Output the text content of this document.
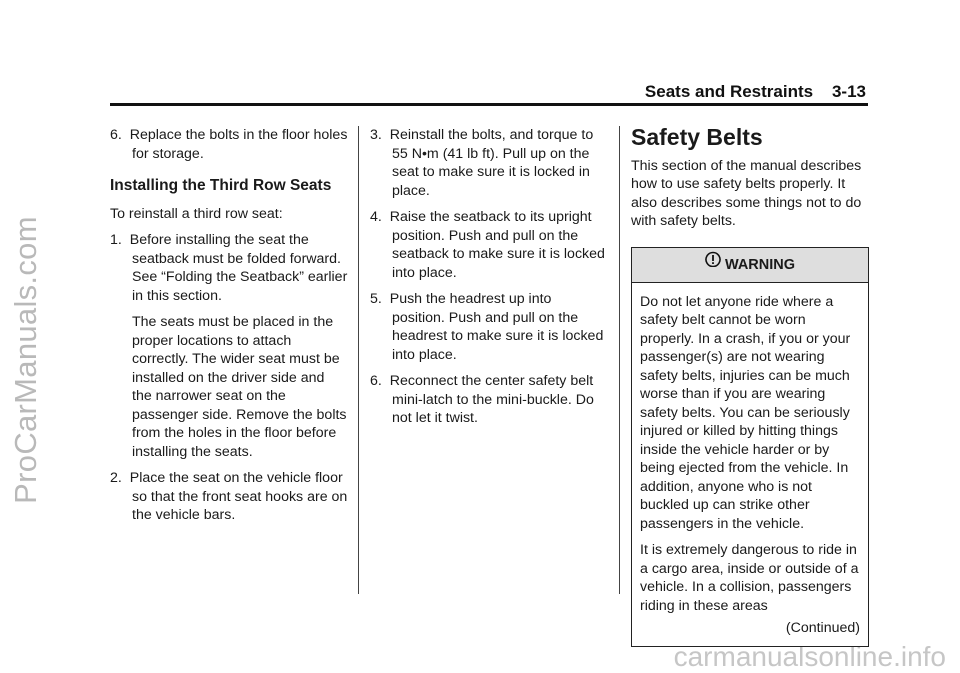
ProCarManuals.com
carmanualsonline.info
Seats and Restraints    3-13
6. Replace the bolts in the floor holes for storage.
Installing the Third Row Seats

To reinstall a third row seat:

1. Before installing the seat the seatback must be folded forward. See “Folding the Seatback” earlier in this section.
The seats must be placed in the proper locations to attach correctly. The wider seat must be installed on the driver side and the narrower seat on the passenger side. Remove the bolts from the holes in the floor before installing the seats.
2. Place the seat on the vehicle floor so that the front seat hooks are on the vehicle bars.
3. Reinstall the bolts, and torque to 55 N•m (41 lb ft). Pull up on the seat to make sure it is locked in place.
4. Raise the seatback to its upright position. Push and pull on the seatback to make sure it is locked into place.
5. Push the headrest up into position. Push and pull on the headrest to make sure it is locked into place.
6. Reconnect the center safety belt mini-latch to the mini-buckle. Do not let it twist.
Safety Belts

This section of the manual describes how to use safety belts properly. It also describes some things not to do with safety belts.

WARNING

Do not let anyone ride where a safety belt cannot be worn properly. In a crash, if you or your passenger(s) are not wearing safety belts, injuries can be much worse than if you are wearing safety belts. You can be seriously injured or killed by hitting things inside the vehicle harder or by being ejected from the vehicle. In addition, anyone who is not buckled up can strike other passengers in the vehicle.

It is extremely dangerous to ride in a cargo area, inside or outside of a vehicle. In a collision, passengers riding in these areas

(Continued)
